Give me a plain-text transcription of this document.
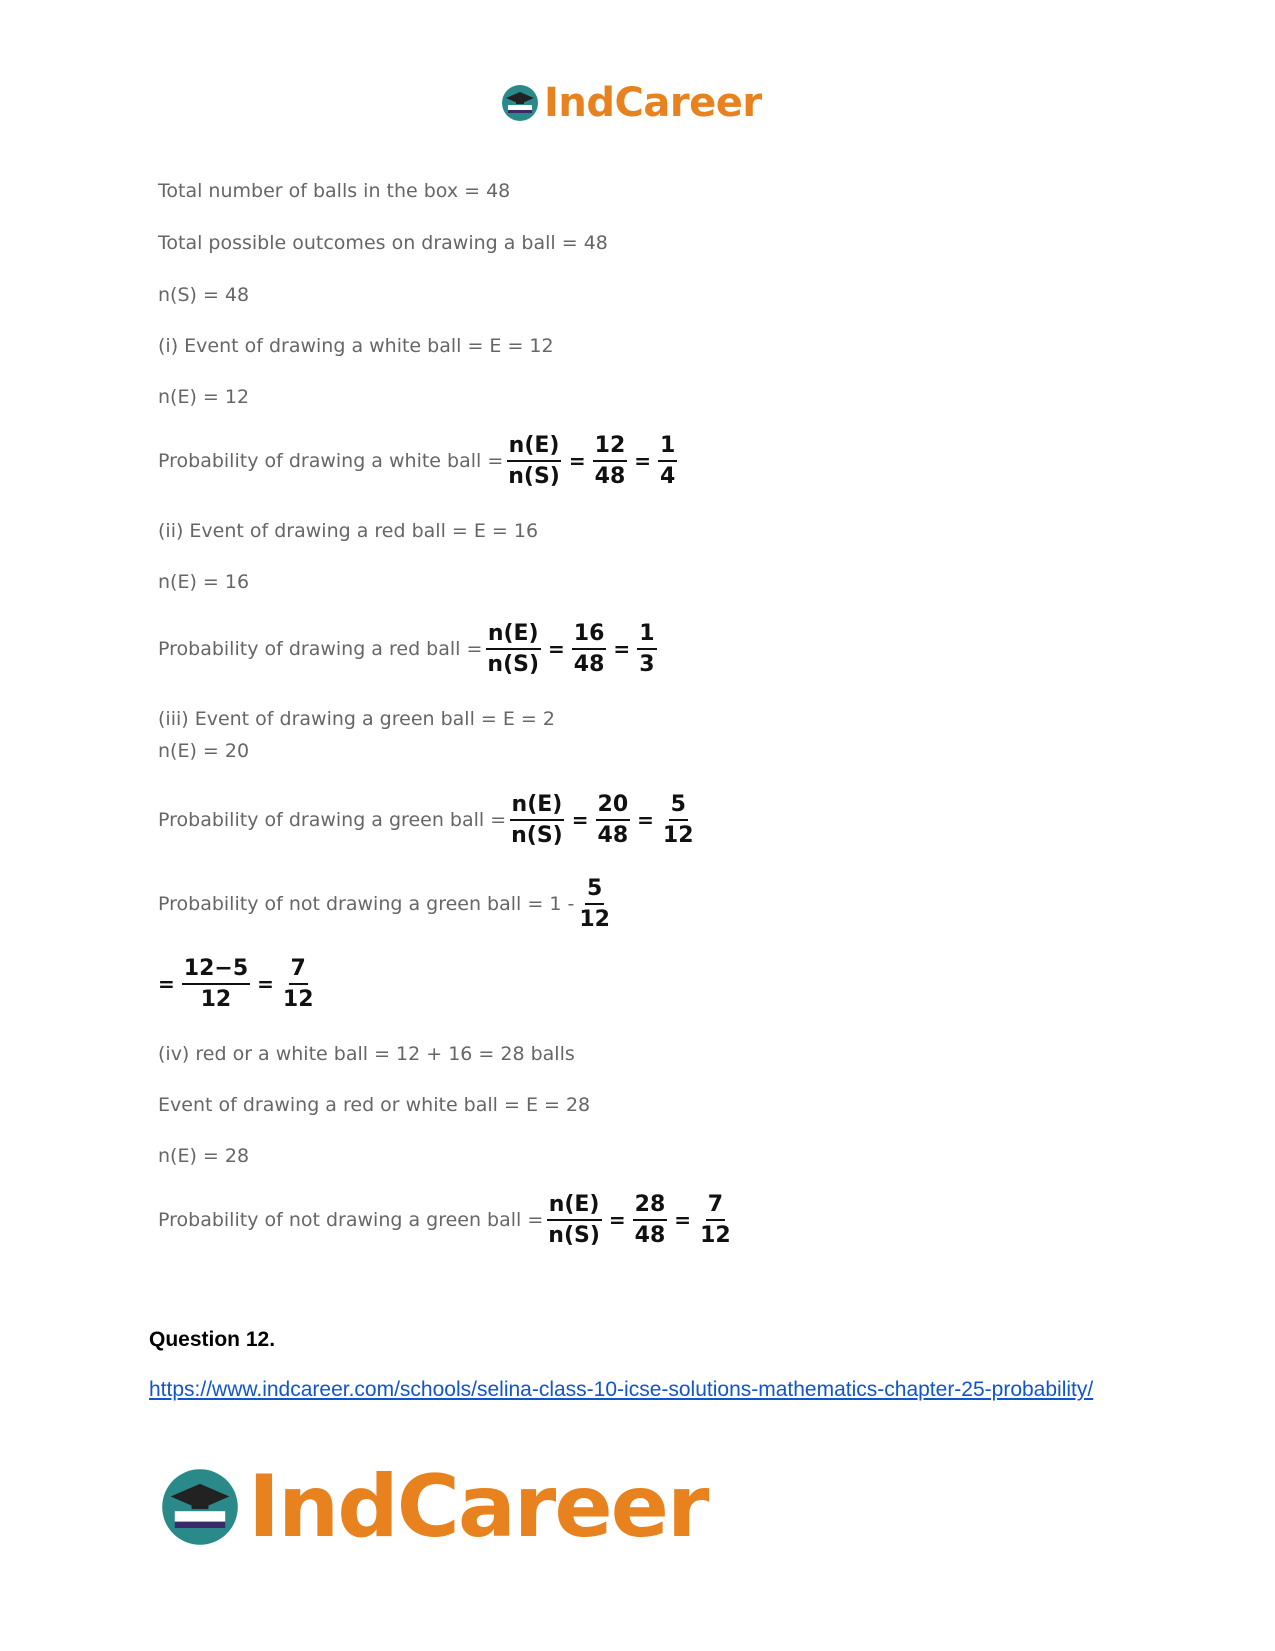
IndCareer
Total number of balls in the box = 48
Total possible outcomes on drawing a ball = 48
n(S) = 48
(i) Event of drawing a white ball = E = 12
n(E) = 12
Probability of drawing a white ball = $\frac{n(E)}{n(S)} = \frac{12}{48} = \frac{1}{4}$
(ii) Event of drawing a red ball = E = 16
n(E) = 16
Probability of drawing a red ball = $\frac{n(E)}{n(S)} = \frac{16}{48} = \frac{1}{3}$
(iii) Event of drawing a green ball = E = 2
n(E) = 20
Probability of drawing a green ball = $\frac{n(E)}{n(S)} = \frac{20}{48} = \frac{5}{12}$
Probability of not drawing a green ball = $1 - \frac{5}{12}$
= $\frac{12-5}{12} = \frac{7}{12}$
(iv) red or a white ball = 12 + 16 = 28 balls
Event of drawing a red or white ball = E = 28
n(E) = 28
Probability of not drawing a green ball = $\frac{n(E)}{n(S)} = \frac{28}{48} = \frac{7}{12}$
Question 12.
https://www.indcareer.com/schools/selina-class-10-icse-solutions-mathematics-chapter-25-probability/
IndCareer
